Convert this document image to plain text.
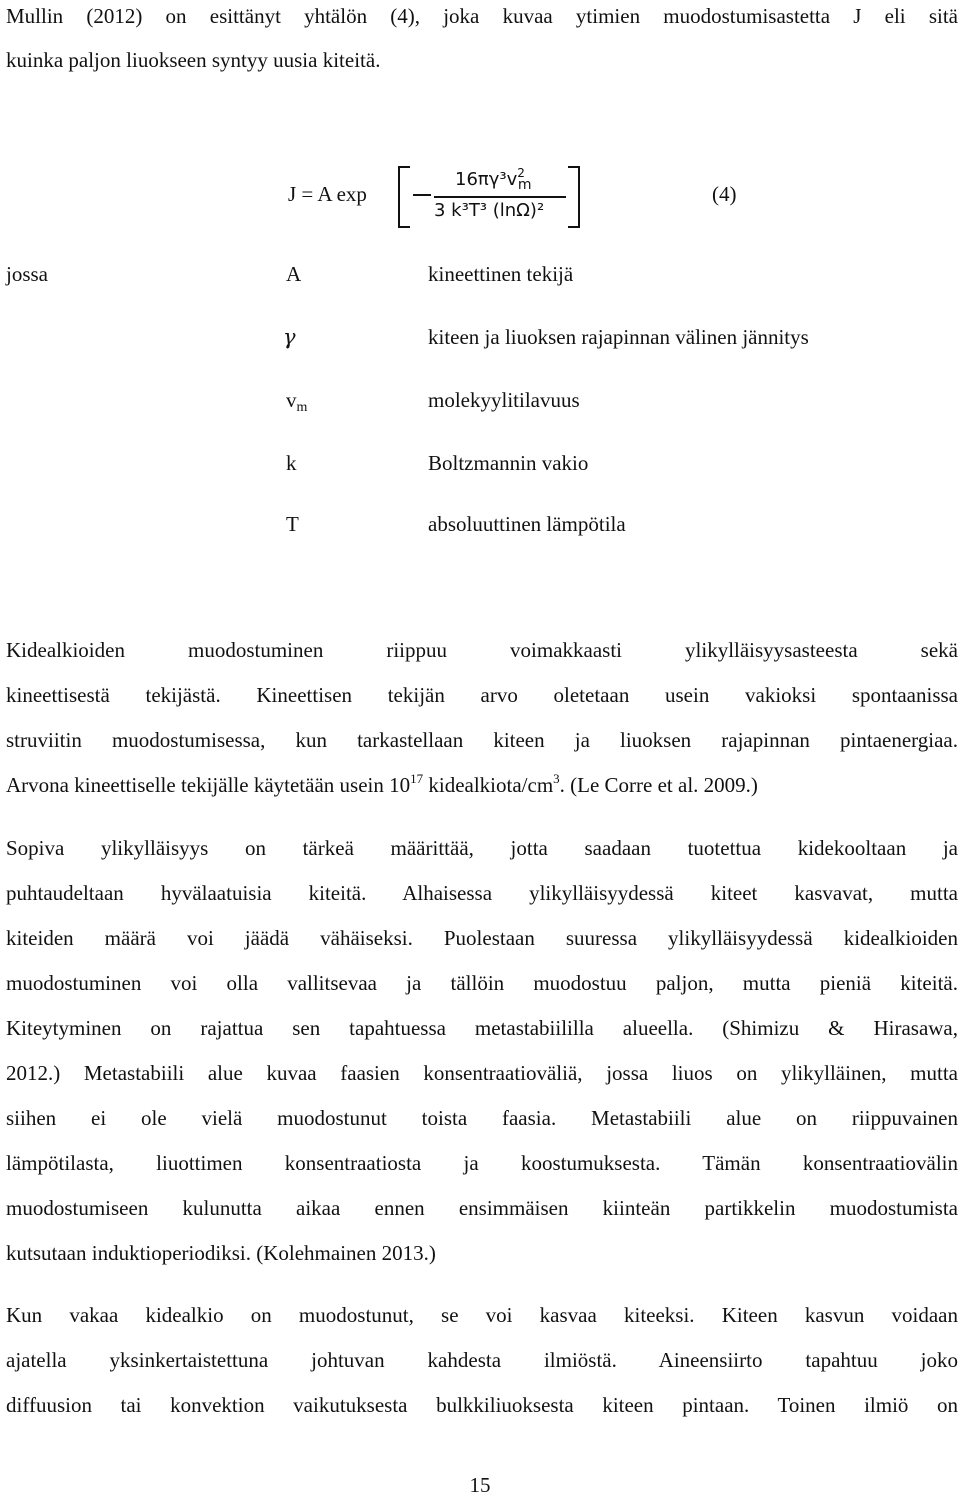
Mullin (2012) on esittänyt yhtälön (4), joka kuvaa ytimien muodostumisastetta J eli sitä
kuinka paljon liuokseen syntyy uusia kiteitä.

J = A exp
$16\pi\gamma^3v^2_m$
3 k³T³ (lnΩ)²
(4)
jossa	A	kineettinen tekijä
γ	kiteen ja liuoksen rajapinnan välinen jännitys
$v_m$	molekyylitilavuus
k	Boltzmannin vakio
T	absoluuttinen lämpötila

Kidealkioiden muodostuminen riippuu voimakkaasti ylikylläisyysasteesta sekä
kineettisestä tekijästä. Kineettisen tekijän arvo oletetaan usein vakioksi spontaanissa
struviitin muodostumisessa, kun tarkastellaan kiteen ja liuoksen rajapinnan pintaenergiaa.
Arvona kineettiselle tekijälle käytetään usein $10^{17}$ kidealkiota/$cm^3$. (Le Corre et al. 2009.)

Sopiva ylikylläisyys on tärkeä määrittää, jotta saadaan tuotettua kidekooltaan ja
puhtaudeltaan hyvälaatuisia kiteitä. Alhaisessa ylikylläisyydessä kiteet kasvavat, mutta
kiteiden määrä voi jäädä vähäiseksi. Puolestaan suuressa ylikylläisyydessä kidealkioiden
muodostuminen voi olla vallitsevaa ja tällöin muodostuu paljon, mutta pieniä kiteitä.
Kiteytyminen on rajattua sen tapahtuessa metastabiililla alueella. (Shimizu & Hirasawa,
2012.) Metastabiili alue kuvaa faasien konsentraatioväliä, jossa liuos on ylikylläinen, mutta
siihen ei ole vielä muodostunut toista faasia. Metastabiili alue on riippuvainen
lämpötilasta, liuottimen konsentraatiosta ja koostumuksesta. Tämän konsentraatiovälin
muodostumiseen kulunutta aikaa ennen ensimmäisen kiinteän partikkelin muodostumista
kutsutaan induktioperiodiksi. (Kolehmainen 2013.)

Kun vakaa kidealkio on muodostunut, se voi kasvaa kiteeksi. Kiteen kasvun voidaan
ajatella yksinkertaistettuna johtuvan kahdesta ilmiöstä. Aineensiirto tapahtuu joko
diffuusion tai konvektion vaikutuksesta bulkkiliuoksesta kiteen pintaan. Toinen ilmiö on

15
